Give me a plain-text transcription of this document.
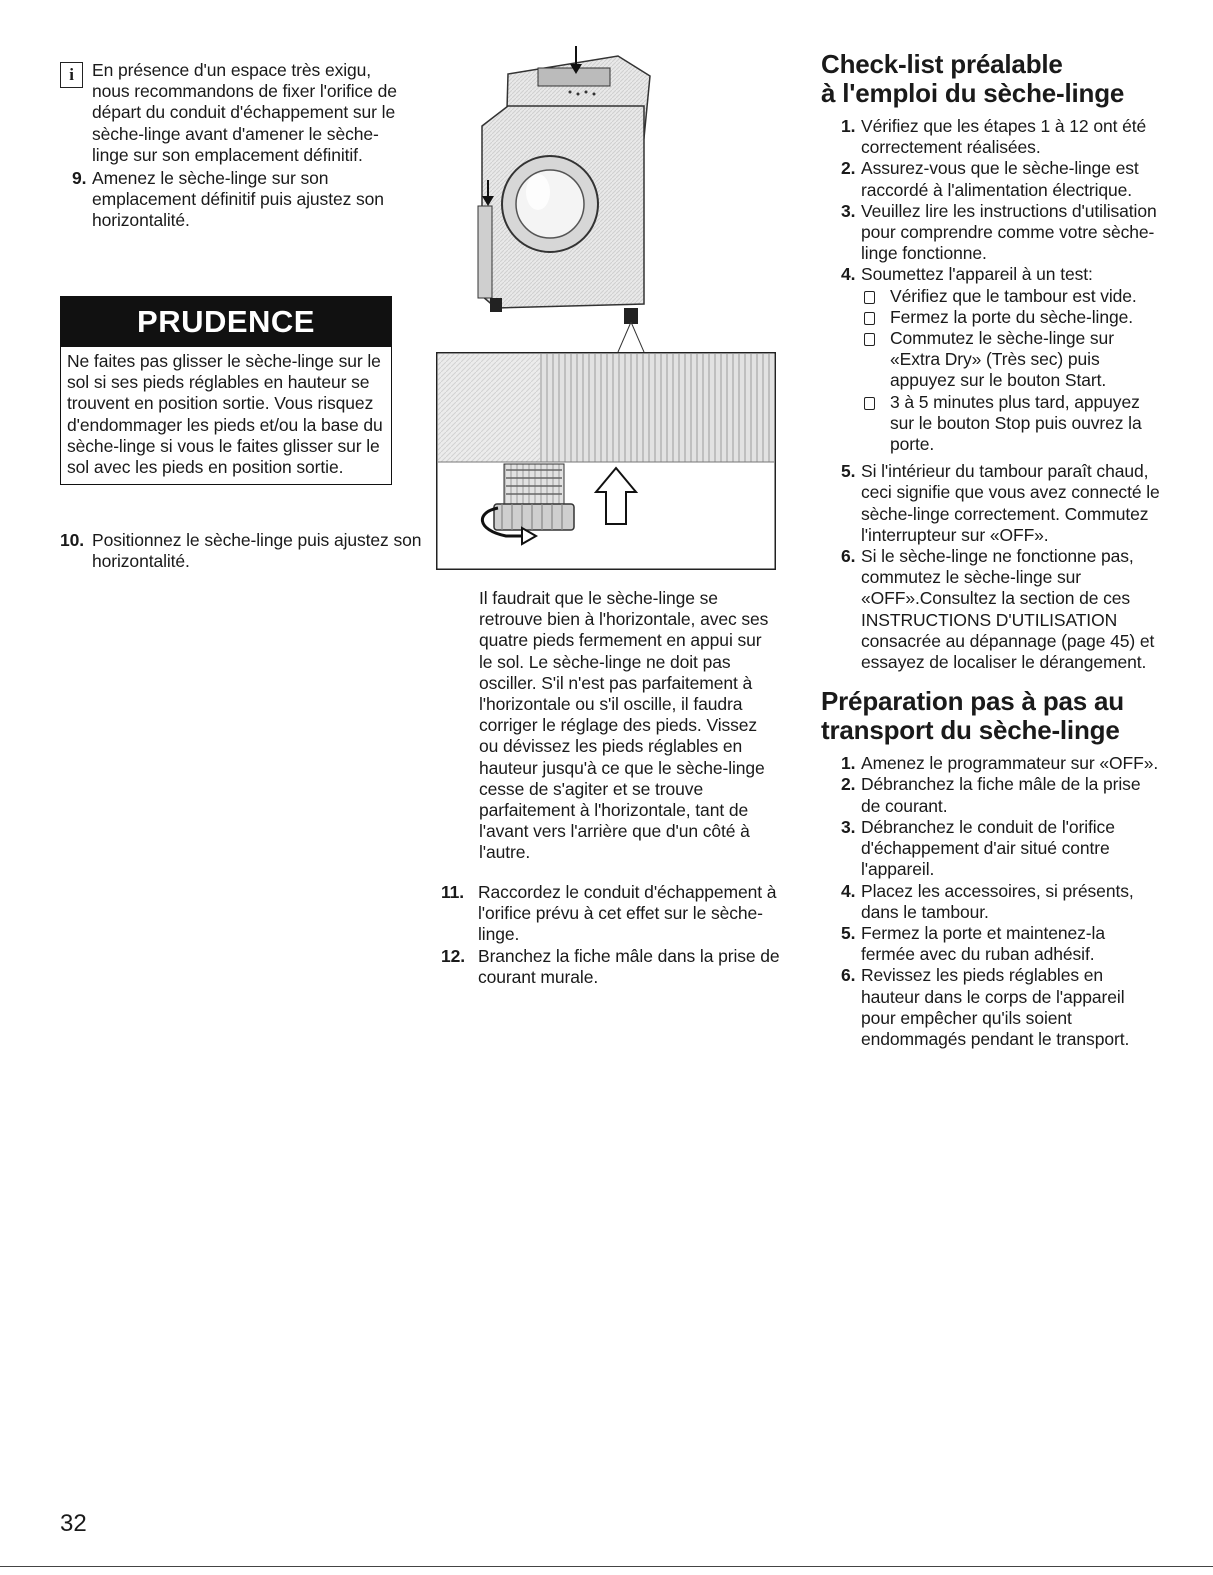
i	En présence d'un espace très exigu, nous recommandons de fixer l'orifice de départ du conduit d'échappement sur le sèche-linge avant d'amener le sèche-linge sur son emplacement définitif.
9. Amenez le sèche-linge sur son emplacement définitif puis ajustez son horizontalité.
PRUDENCE
Ne faites pas glisser le sèche-linge sur le sol si ses pieds réglables en hauteur se trouvent en position sortie. Vous risquez d'endommager les pieds et/ou la base du sèche-linge si vous le faites glisser sur le sol avec les pieds en position sortie.
10. Positionnez le sèche-linge puis ajustez son horizontalité.
Il faudrait que le sèche-linge se retrouve bien à l'horizontale, avec ses quatre pieds fermement en appui sur le sol. Le sèche-linge ne doit pas osciller. S'il n'est pas parfaitement à l'horizontale ou s'il oscille, il faudra corriger le réglage des pieds. Vissez ou dévissez les pieds réglables en hauteur jusqu'à ce que le sèche-linge cesse de s'agiter et se trouve parfaitement à l'horizontale, tant de l'avant vers l'arrière que d'un côté à l'autre.
11. Raccordez le conduit d'échappement à l'orifice prévu à cet effet sur le sèche-linge.
12. Branchez la fiche mâle dans la prise de courant murale.
Check-list préalable
à l'emploi du sèche-linge
1. Vérifiez que les étapes 1 à 12 ont été correctement réalisées.
2. Assurez-vous que le sèche-linge est raccordé à l'alimentation électrique.
3. Veuillez lire les instructions d'utilisation pour comprendre comme votre sèche-linge fonctionne.
4. Soumettez l'appareil à un test:
Vérifiez que le tambour est vide.
Fermez la porte du sèche-linge.
Commutez le sèche-linge sur «Extra Dry» (Très sec) puis appuyez sur le bouton Start.
3 à 5 minutes plus tard, appuyez sur le bouton Stop puis ouvrez la porte.
5. Si l'intérieur du tambour paraît chaud, ceci signifie que vous avez connecté le sèche-linge correctement. Commutez l'interrupteur sur «OFF».
6. Si le sèche-linge ne fonctionne pas, commutez le sèche-linge sur «OFF».Consultez la section de ces INSTRUCTIONS D'UTILISATION consacrée au dépannage (page 45) et essayez de localiser le dérangement.
Préparation pas à pas au
transport du sèche-linge
1. Amenez le programmateur sur «OFF».
2. Débranchez la fiche mâle de la prise de courant.
3. Débranchez le conduit de l'orifice d'échappement d'air situé contre l'appareil.
4. Placez les accessoires, si présents, dans le tambour.
5. Fermez la porte et maintenez-la fermée avec du ruban adhésif.
6. Revissez les pieds réglables en hauteur dans le corps de l'appareil pour empêcher qu'ils soient endommagés pendant le transport.
32
